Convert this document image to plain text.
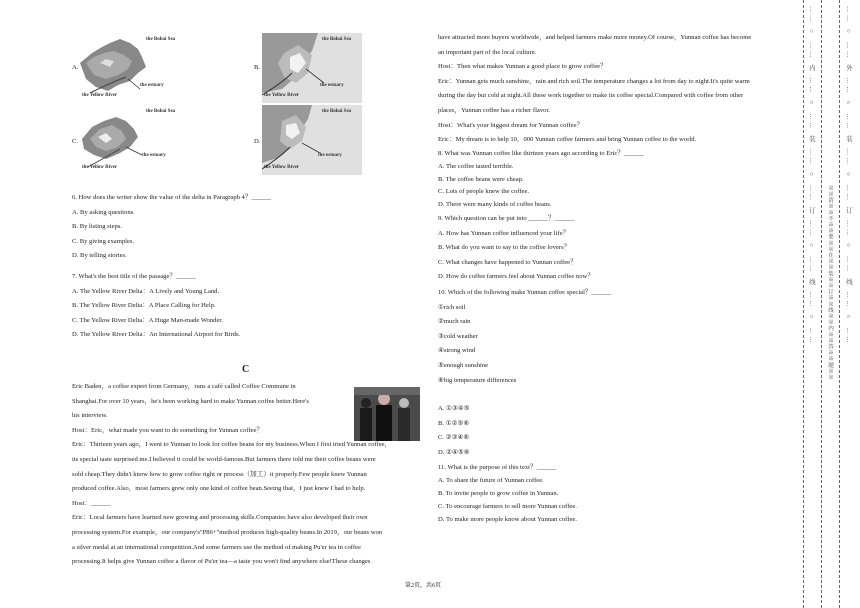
A.
the Bohai Sea
the Yellow River
the estuary
B.
the Bohai Sea
the Yellow River
the estuary
C.
the Bohai Sea
the Yellow River
the estuary
D.
the Bohai Sea
the Yellow River
the estuary
6. How does the writer show the value of the delta in Paragraph 4？______
A. By asking questions.
B. By listing steps.
C. By giving examples.
D. By telling stories.
7. What's the best title of the passage？______
A. The Yellow River Delta：A Lively and Young Land.
B. The Yellow River Delta：A Place Calling for Help.
C. The Yellow River Delta：A Huge Man-made Wonder.
D. The Yellow River Delta：An International Airport for Birds.
C
Eric Baden，a coffee expert from Germany，runs a café called Coffee Commune in
Shanghai.For over 10 years，he's been working hard to make Yunnan coffee better.Here's
his interview.
Host：Eric，what made you want to do something for Yunnan coffee？
Eric：Thirteen years ago，I went to Yunnan to look for coffee beans for my business.When I first tried Yunnan coffee，
its special taste surprised me.I believed it could be world-famous.But farmers there told me their coffee beans were
sold cheap.They didn't know how to grow coffee right or process（加工）it properly.Few people knew Yunnan
produced coffee.Also，most farmers grew only one kind of coffee bean.Seeing that，I just knew I had to help.
Host：______
Eric：Local farmers have learned new growing and processing skills.Companies have also developed their own
processing system.For example，our company's"P86+"method produces high-quality beans.In 2019，our beans won
a silver medal at an international competition.And some farmers use the method of making Pu'er tea in coffee
processing.It helps give Yunnan coffee a flavor of Pu'er tea—a taste you won't find anywhere else!These changes
have attracted more buyers worldwide，and helped farmers make more money.Of course，Yunnan coffee has become
an important part of the local culture.
Host：Then what makes Yunnan a good place to grow coffee？
Eric：Yunnan gets much sunshine，rain and rich soil.The temperature changes a lot from day to night.It's quite warm
during the day but cold at night.All these work together to make its coffee special.Compared with coffee from other
places，Yunnan coffee has a richer flavor.
Host：What's your biggest dream for Yunnan coffee？
Eric：My dream is to help 10，000 Yunnan coffee farmers and bring Yunnan coffee to the world.
8. What was Yunnan coffee like thirteen years ago according to Eric？______
A. The coffee tasted terrible.
B. The coffee beans were cheap.
C. Lots of people knew the coffee.
D. There were many kinds of coffee beans.
9. Which question can be put into ______？______
A. How has Yunnan coffee influenced your life？
B. What do you want to say to the coffee lovers？
C. What changes have happened to Yunnan coffee？
D. How do coffee farmers feel about Yunnan coffee now？
10. Which of the following make Yunnan coffee special？______
①rich soil
②much rain
③cold weather
④strong wind
⑤enough sunshine
⑥big temperature differences
A. ①③④⑤
B. ①②⑤⑥
C. ②③④⑥
D. ②④⑤⑥
11. What is the purpose of this text？______
A. To share the future of Yunnan coffee.
B. To invite people to grow coffee in Yunnan.
C. To encourage farmers to sell more Yunnan coffee.
D. To make more people know about Yunnan coffee.
第2页，共6页
…… ○ …… 内 …… ○ …… 装 …… ○ …… 订 …… ○ …… 线 …… ○ …… ※※请※※不※※要※※在※※装※※订※※线※※内※※答※※题※※ …… ○ …… 外 …… ○ …… 装 …… ○ …… 订 …… ○ …… 线 …… ○ ……
